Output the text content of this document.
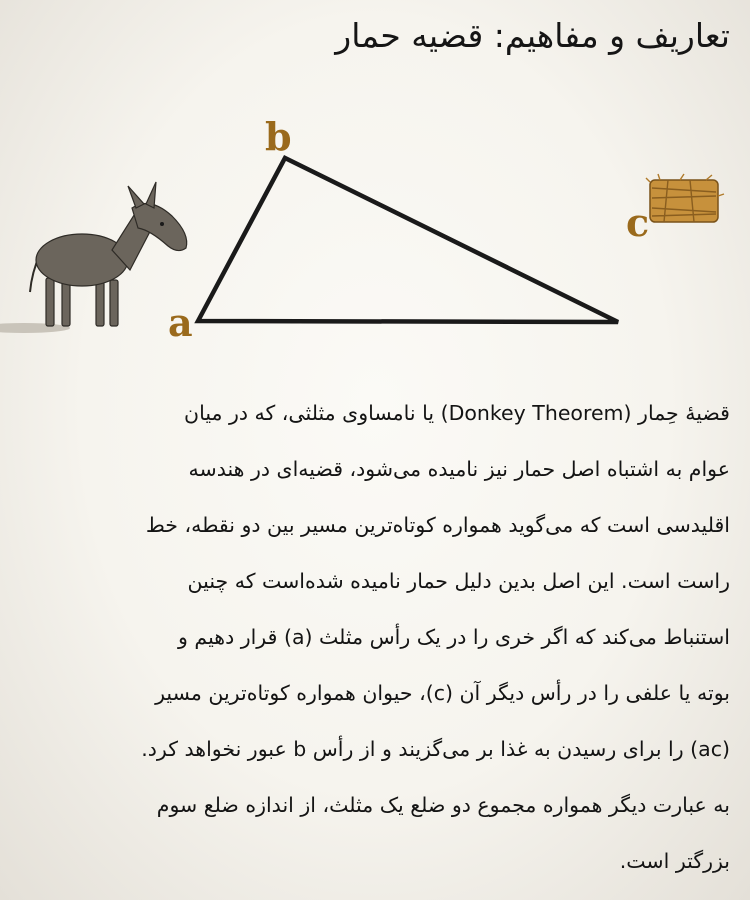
تعاریف و مفاهیم: قضیه حمار
b
c
a
قضیهٔ حِمار (Donkey Theorem) یا نامساوی مثلثی، که در میان
عوام به اشتباه اصل حمار نیز نامیده می‌شود، قضیه‌ای در هندسه
اقلیدسی است که می‌گوید همواره کوتاه‌ترین مسیر بین دو نقطه، خط
راست است. این اصل بدین دلیل حمار نامیده شده‌است که چنین
استنباط می‌کند که اگر خری را در یک رأس مثلث (a) قرار دهیم و
بوته یا علفی را در رأس دیگر آن (c)، حیوان همواره کوتاه‌ترین مسیر
(ac) را برای رسیدن به غذا بر می‌گزیند و از رأس b عبور نخواهد کرد.
به عبارت دیگر همواره مجموع دو ضلع یک مثلث، از اندازه ضلع سوم
بزرگتر است.
